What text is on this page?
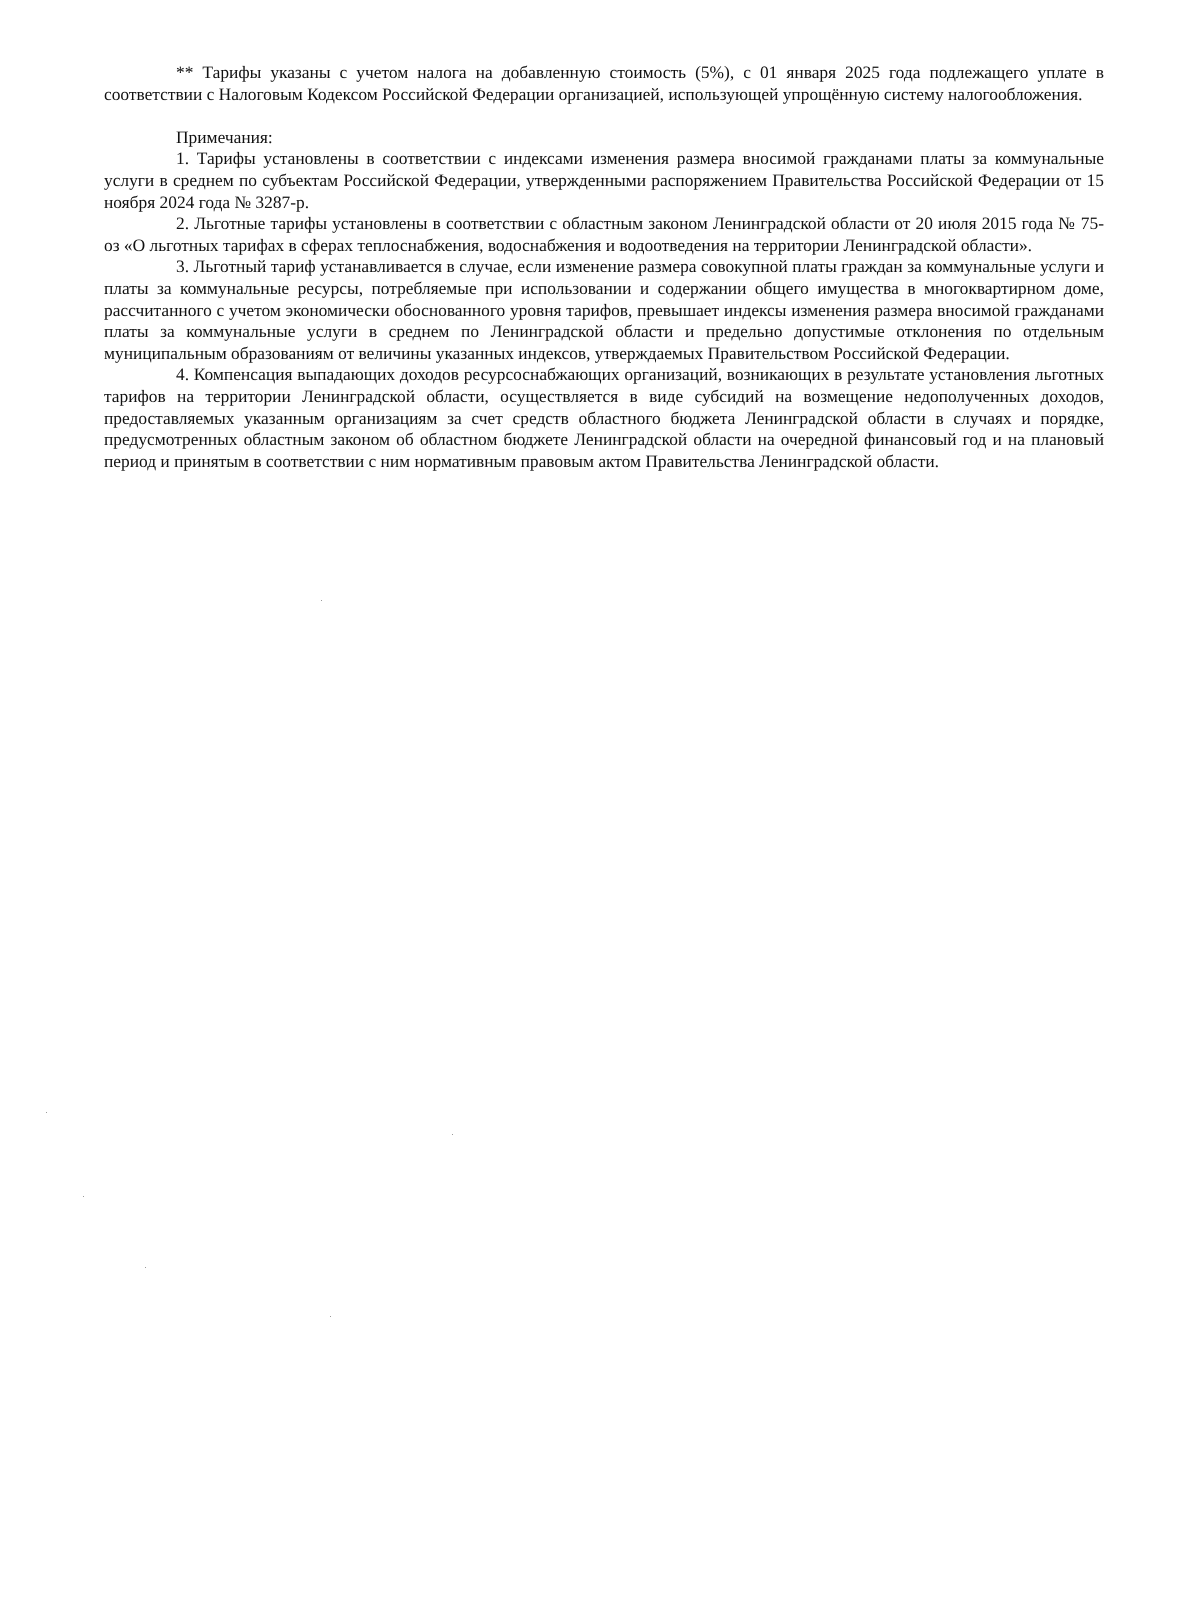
** Тарифы указаны с учетом налога на добавленную стоимость (5%), с 01 января 2025 года подлежащего уплате в соответствии с Налоговым Кодексом Российской Федерации организацией, использующей упрощённую систему налогообложения.

Примечания:

1. Тарифы установлены в соответствии с индексами изменения размера вносимой гражданами платы за коммунальные услуги в среднем по субъектам Российской Федерации, утвержденными распоряжением Правительства Российской Федерации от 15 ноября 2024 года № 3287-р.

2. Льготные тарифы установлены в соответствии с областным законом Ленинградской области от 20 июля 2015 года № 75-оз «О льготных тарифах в сферах теплоснабжения, водоснабжения и водоотведения на территории Ленинградской области».

3. Льготный тариф устанавливается в случае, если изменение размера совокупной платы граждан за коммунальные услуги и платы за коммунальные ресурсы, потребляемые при использовании и содержании общего имущества в многоквартирном доме, рассчитанного с учетом экономически обоснованного уровня тарифов, превышает индексы изменения размера вносимой гражданами платы за коммунальные услуги в среднем по Ленинградской области и предельно допустимые отклонения по отдельным муниципальным образованиям от величины указанных индексов, утверждаемых Правительством Российской Федерации.

4. Компенсация выпадающих доходов ресурсоснабжающих организаций, возникающих в результате установления льготных тарифов на территории Ленинградской области, осуществляется в виде субсидий на возмещение недополученных доходов, предоставляемых указанным организациям за счет средств областного бюджета Ленинградской области в случаях и порядке, предусмотренных областным законом об областном бюджете Ленинградской области на очередной финансовый год и на плановый период и принятым в соответствии с ним нормативным правовым актом Правительства Ленинградской области.
